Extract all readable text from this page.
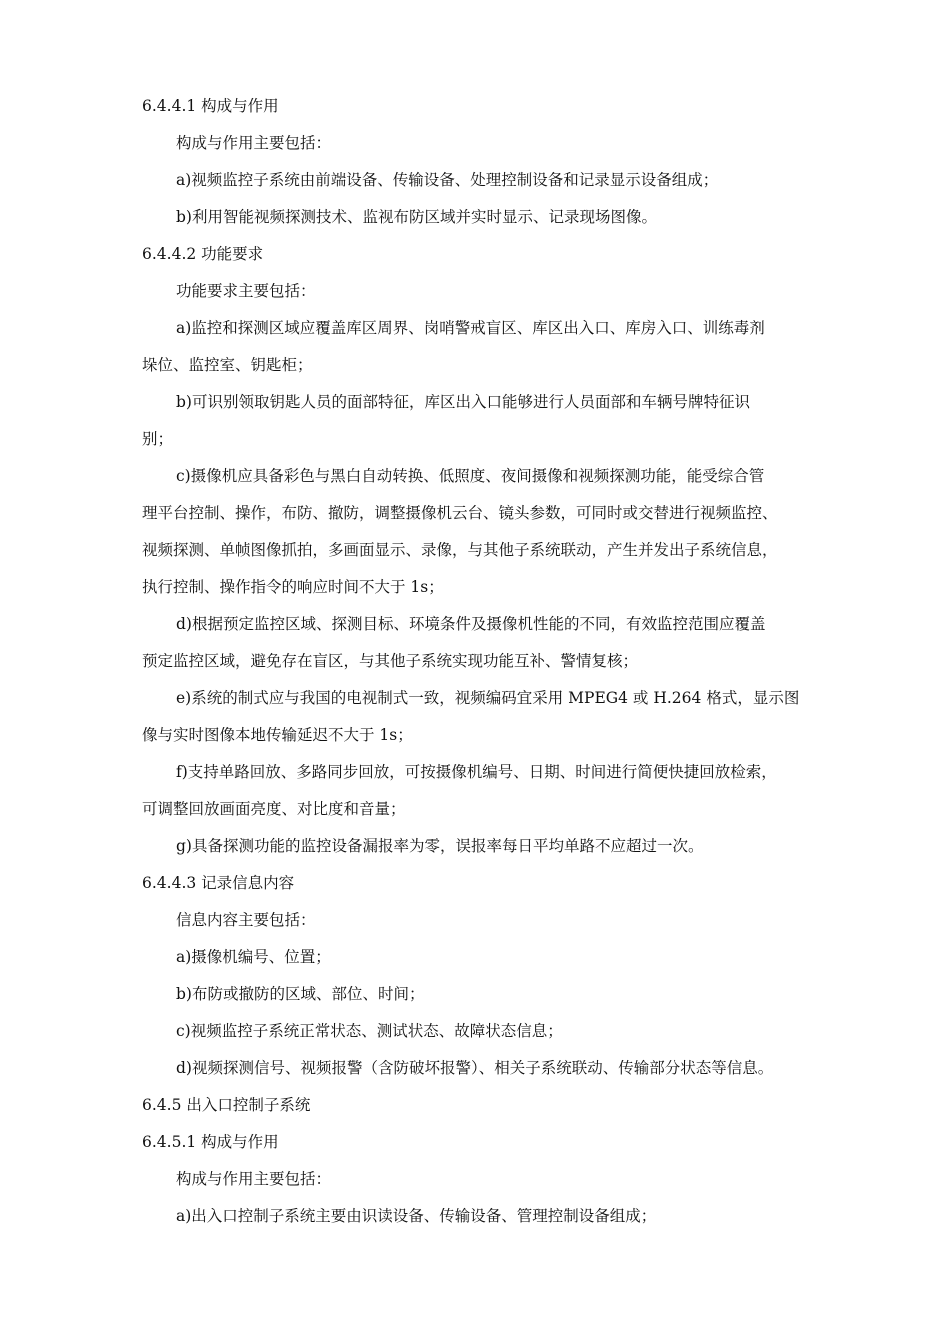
6.4.4.1 构成与作用
构成与作用主要包括：
a)视频监控子系统由前端设备、传输设备、处理控制设备和记录显示设备组成；
b)利用智能视频探测技术、监视布防区域并实时显示、记录现场图像。
6.4.4.2 功能要求
功能要求主要包括：
a)监控和探测区域应覆盖库区周界、岗哨警戒盲区、库区出入口、库房入口、训练毒剂
垛位、监控室、钥匙柜；
b)可识别领取钥匙人员的面部特征，库区出入口能够进行人员面部和车辆号牌特征识
别；
c)摄像机应具备彩色与黑白自动转换、低照度、夜间摄像和视频探测功能，能受综合管
理平台控制、操作，布防、撤防，调整摄像机云台、镜头参数，可同时或交替进行视频监控、
视频探测、单帧图像抓拍，多画面显示、录像，与其他子系统联动，产生并发出子系统信息，
执行控制、操作指令的响应时间不大于 1s；
d)根据预定监控区域、探测目标、环境条件及摄像机性能的不同，有效监控范围应覆盖
预定监控区域，避免存在盲区，与其他子系统实现功能互补、警情复核；
e)系统的制式应与我国的电视制式一致，视频编码宜采用 MPEG4 或 H.264 格式，显示图
像与实时图像本地传输延迟不大于 1s；
f)支持单路回放、多路同步回放，可按摄像机编号、日期、时间进行简便快捷回放检索，
可调整回放画面亮度、对比度和音量；
g)具备探测功能的监控设备漏报率为零，误报率每日平均单路不应超过一次。
6.4.4.3 记录信息内容
信息内容主要包括：
a)摄像机编号、位置；
b)布防或撤防的区域、部位、时间；
c)视频监控子系统正常状态、测试状态、故障状态信息；
d)视频探测信号、视频报警（含防破坏报警）、相关子系统联动、传输部分状态等信息。
6.4.5 出入口控制子系统
6.4.5.1 构成与作用
构成与作用主要包括：
a)出入口控制子系统主要由识读设备、传输设备、管理控制设备组成；
